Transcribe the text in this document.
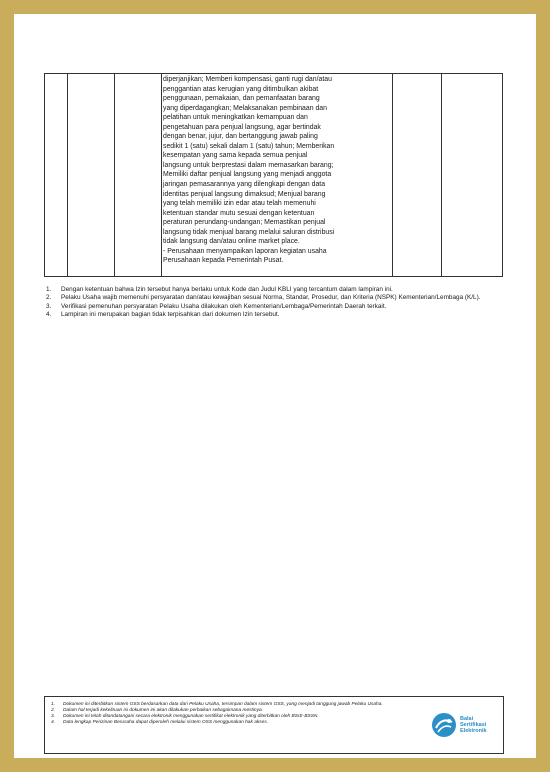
diperjanjikan; Memberi kompensasi, ganti rugi dan/atau
penggantian atas kerugian yang ditimbulkan akibat
penggunaan, pemakaian, dan pemanfaatan barang
yang diperdagangkan; Melaksanakan pembinaan dan
pelatihan untuk meningkatkan kemampuan dan
pengetahuan para penjual langsung, agar bertindak
dengan benar, jujur, dan bertanggung jawab paling
sedikit 1 (satu) sekali dalam 1 (satu) tahun; Memberikan
kesempatan yang sama kepada semua penjual
langsung untuk berprestasi dalam memasarkan barang;
Memiliki daftar penjual langsung yang menjadi anggota
jaringan pemasarannya yang dilengkapi dengan data
identitas penjual langsung dimaksud; Menjual barang
yang telah memiliki izin edar atau telah memenuhi
ketentuan standar mutu sesuai dengan ketentuan
peraturan perundang-undangan; Memastikan penjual
langsung tidak menjual barang melalui saluran distribusi
tidak langsung dan/atau online market place.
- Perusahaan menyampaikan laporan kegiatan usaha
Perusahaan kepada Pemerintah Pusat.
1.	Dengan ketentuan bahwa Izin tersebut hanya berlaku untuk Kode dan Judul KBLI yang tercantum dalam lampiran ini.
2.	Pelaku Usaha wajib memenuhi persyaratan dan/atau kewajiban sesuai Norma, Standar, Prosedur, dan Kriteria (NSPK) Kementerian/Lembaga (K/L).
3.	Verifikasi pemenuhan persyaratan Pelaku Usaha dilakukan oleh Kementerian/Lembaga/Pemerintah Daerah terkait.
4.	Lampiran ini merupakan bagian tidak terpisahkan dari dokumen Izin tersebut.
1.	Dokumen ini diterbitkan sistem OSS berdasarkan data dari Pelaku Usaha, tersimpan dalam sistem OSS, yang menjadi tanggung jawab Pelaku Usaha.
2.	Dalam hal terjadi kekeliruan isi dokumen ini akan dilakukan perbaikan sebagaimana mestinya.
3.	Dokumen ini telah ditandatangani secara elektronik menggunakan sertifikat elektronik yang diterbitkan oleh BSrE-BSSN.
4.	Data lengkap Perizinan Berusaha dapat diperoleh melalui sistem OSS menggunakan hak akses.
Balai
Sertifikasi
Elektronik
